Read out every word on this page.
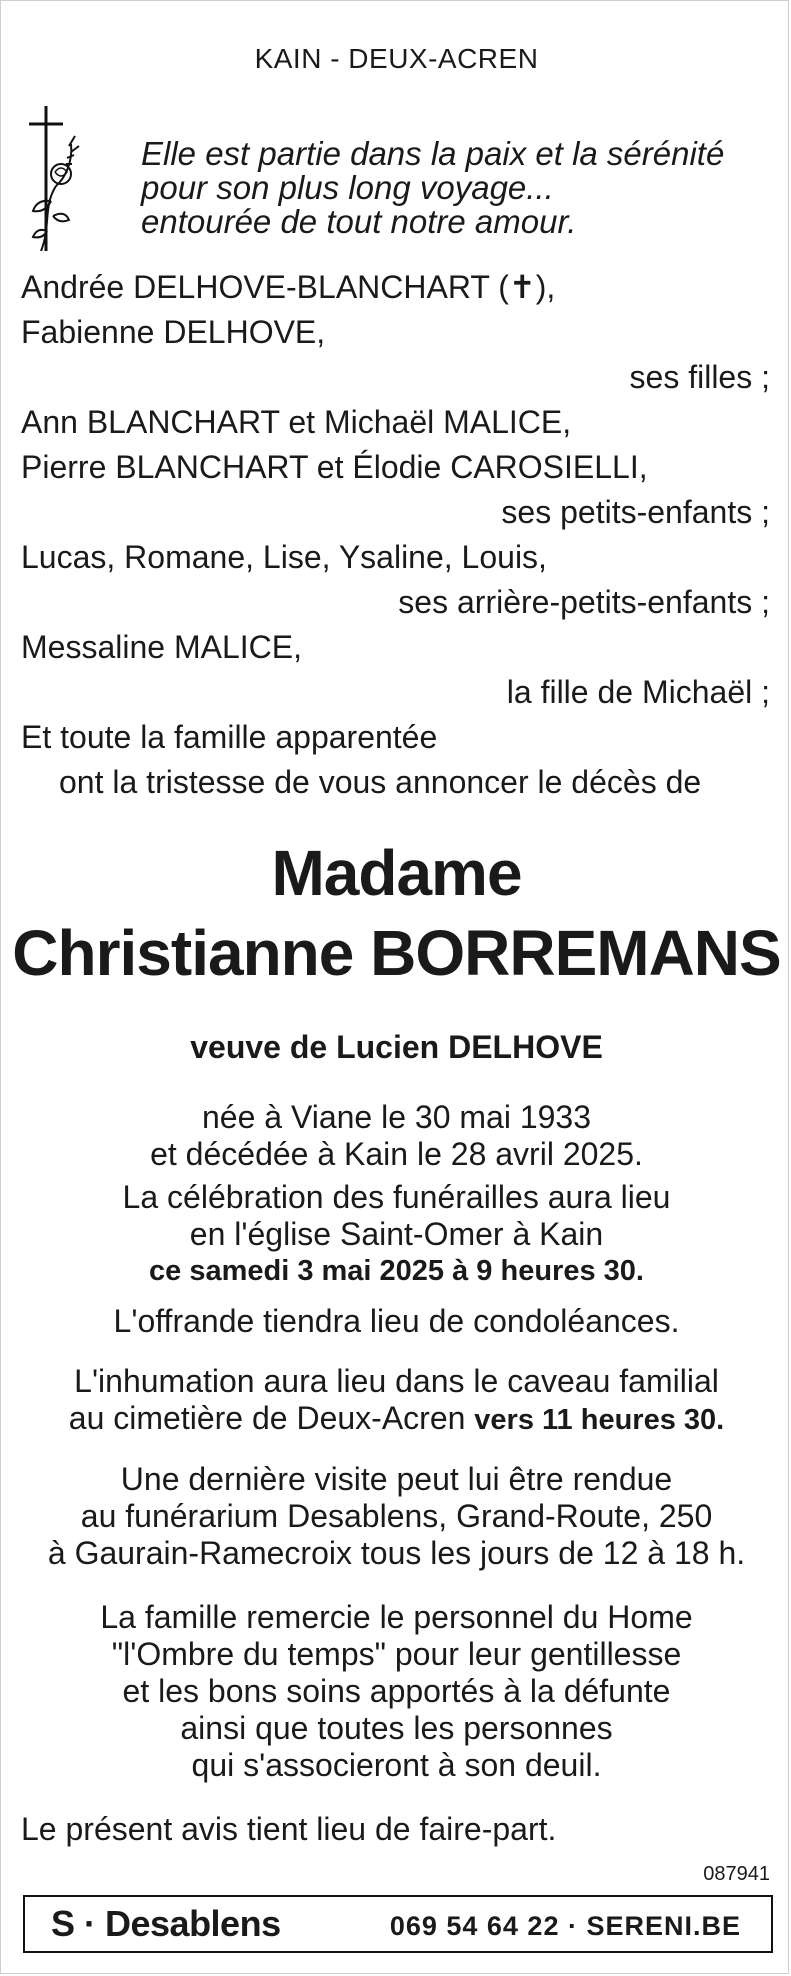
KAIN - DEUX-ACREN
Elle est partie dans la paix et la sérénité
pour son plus long voyage...
entourée de tout notre amour.
Andrée DELHOVE-BLANCHART (✝),
Fabienne DELHOVE,
ses filles ;
Ann BLANCHART et Michaël MALICE,
Pierre BLANCHART et Élodie CAROSIELLI,
ses petits-enfants ;
Lucas, Romane, Lise, Ysaline, Louis,
ses arrière-petits-enfants ;
Messaline MALICE,
la fille de Michaël ;
Et toute la famille apparentée
ont la tristesse de vous annoncer le décès de
Madame
Christianne BORREMANS
veuve de Lucien DELHOVE
née à Viane le 30 mai 1933
et décédée à Kain le 28 avril 2025.
La célébration des funérailles aura lieu
en l'église Saint-Omer à Kain
ce samedi 3 mai 2025 à 9 heures 30.
L'offrande tiendra lieu de condoléances.
L'inhumation aura lieu dans le caveau familial
au cimetière de Deux-Acren vers 11 heures 30.
Une dernière visite peut lui être rendue
au funérarium Desablens, Grand-Route, 250
à Gaurain-Ramecroix tous les jours de 12 à 18 h.
La famille remercie le personnel du Home
"l'Ombre du temps" pour leur gentillesse
et les bons soins apportés à la défunte
ainsi que toutes les personnes
qui s'associeront à son deuil.
Le présent avis tient lieu de faire-part.
087941
S · Desablens	069 54 64 22 · SERENI.BE
